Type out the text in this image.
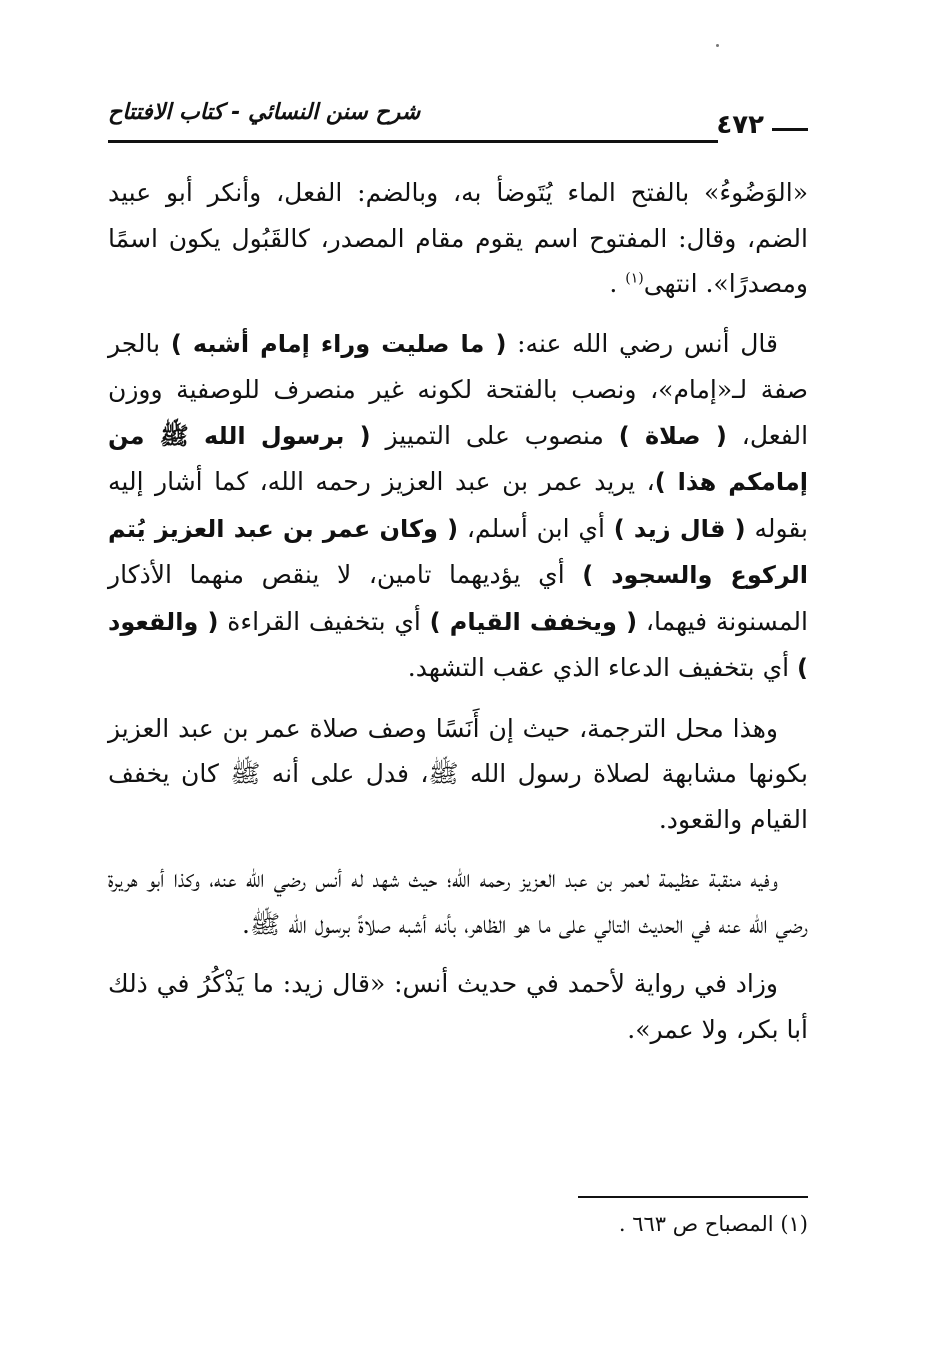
شرح سنن النسائي - كتاب الافتتاح	٤٧٢

«الوَضُوءُ» بالفتح الماء يُتَوضأ به، وبالضم: الفعل، وأنكر أبو عبيد الضم، وقال: المفتوح اسم يقوم مقام المصدر، كالقَبُول يكون اسمًا ومصدرًا». انتهى$^{(١)}$ .

قال أنس رضي الله عنه: ( ما صليت وراء إمام أشبه ) بالجر صفة لـ«إمام»، ونصب بالفتحة لكونه غير منصرف للوصفية ووزن الفعل، ( صلاة ) منصوب على التمييز ( برسول الله ﷺ من إمامكم هذا )، يريد عمر بن عبد العزيز رحمه الله، كما أشار إليه بقوله ( قال زيد ) أي ابن أسلم، ( وكان عمر بن عبد العزيز يُتم الركوع والسجود ) أي يؤديهما تامين، لا ينقص منهما الأذكار المسنونة فيهما، ( ويخفف القيام ) أي بتخفيف القراءة ( والقعود ) أي بتخفيف الدعاء الذي عقب التشهد.

وهذا محل الترجمة، حيث إن أَنَسًا وصف صلاة عمر بن عبد العزيز بكونها مشابهة لصلاة رسول الله ﷺ، فدل على أنه ﷺ كان يخفف القيام والقعود.

وفيه منقبة عظيمة لعمر بن عبد العزيز رحمه الله؛ حيث شهد له أنس رضي الله عنه، وكذا أبو هريرة رضي الله عنه في الحديث التالي على ما هو الظاهر، بأنه أشبه صلاةً برسول الله ﷺ.

وزاد في رواية لأحمد في حديث أنس: «قال زيد: ما يَذْكُرُ في ذلك أبا بكر، ولا عمر».

(١) المصباح ص ٦٦٣ .
